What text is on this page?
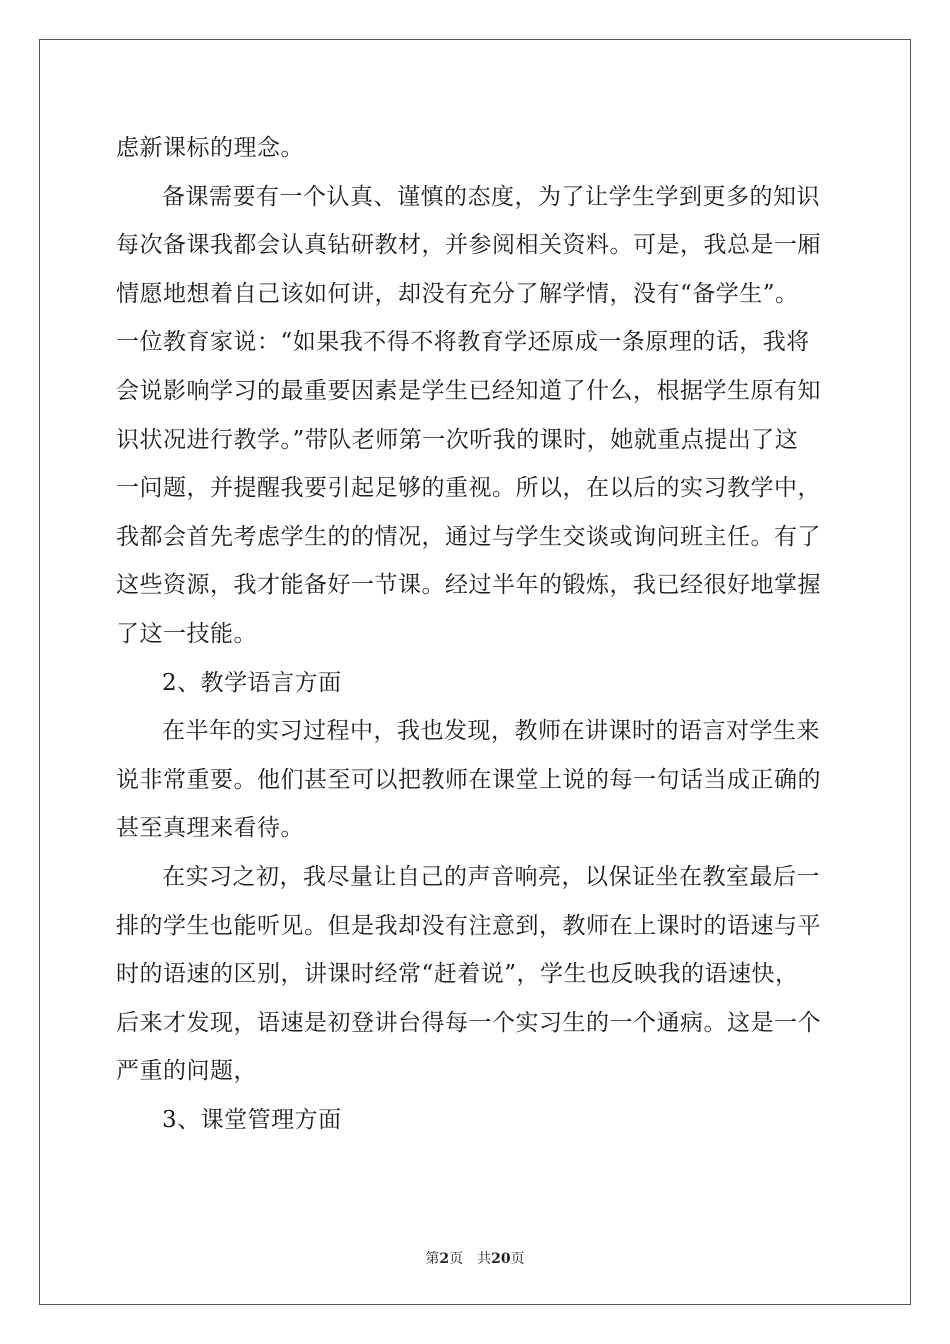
虑新课标的理念。
备课需要有一个认真、谨慎的态度，为了让学生学到更多的知识
每次备课我都会认真钻研教材，并参阅相关资料。可是，我总是一厢
情愿地想着自己该如何讲，却没有充分了解学情，没有“备学生”。
一位教育家说：“如果我不得不将教育学还原成一条原理的话，我将
会说影响学习的最重要因素是学生已经知道了什么，根据学生原有知
识状况进行教学。”带队老师第一次听我的课时，她就重点提出了这
一问题，并提醒我要引起足够的重视。所以，在以后的实习教学中，
我都会首先考虑学生的的情况，通过与学生交谈或询问班主任。有了
这些资源，我才能备好一节课。经过半年的锻炼，我已经很好地掌握
了这一技能。
2、教学语言方面
在半年的实习过程中，我也发现，教师在讲课时的语言对学生来
说非常重要。他们甚至可以把教师在课堂上说的每一句话当成正确的
甚至真理来看待。
在实习之初，我尽量让自己的声音响亮，以保证坐在教室最后一
排的学生也能听见。但是我却没有注意到，教师在上课时的语速与平
时的语速的区别，讲课时经常“赶着说”，学生也反映我的语速快，
后来才发现，语速是初登讲台得每一个实习生的一个通病。这是一个
严重的问题，
3、课堂管理方面
第2页 共20页
